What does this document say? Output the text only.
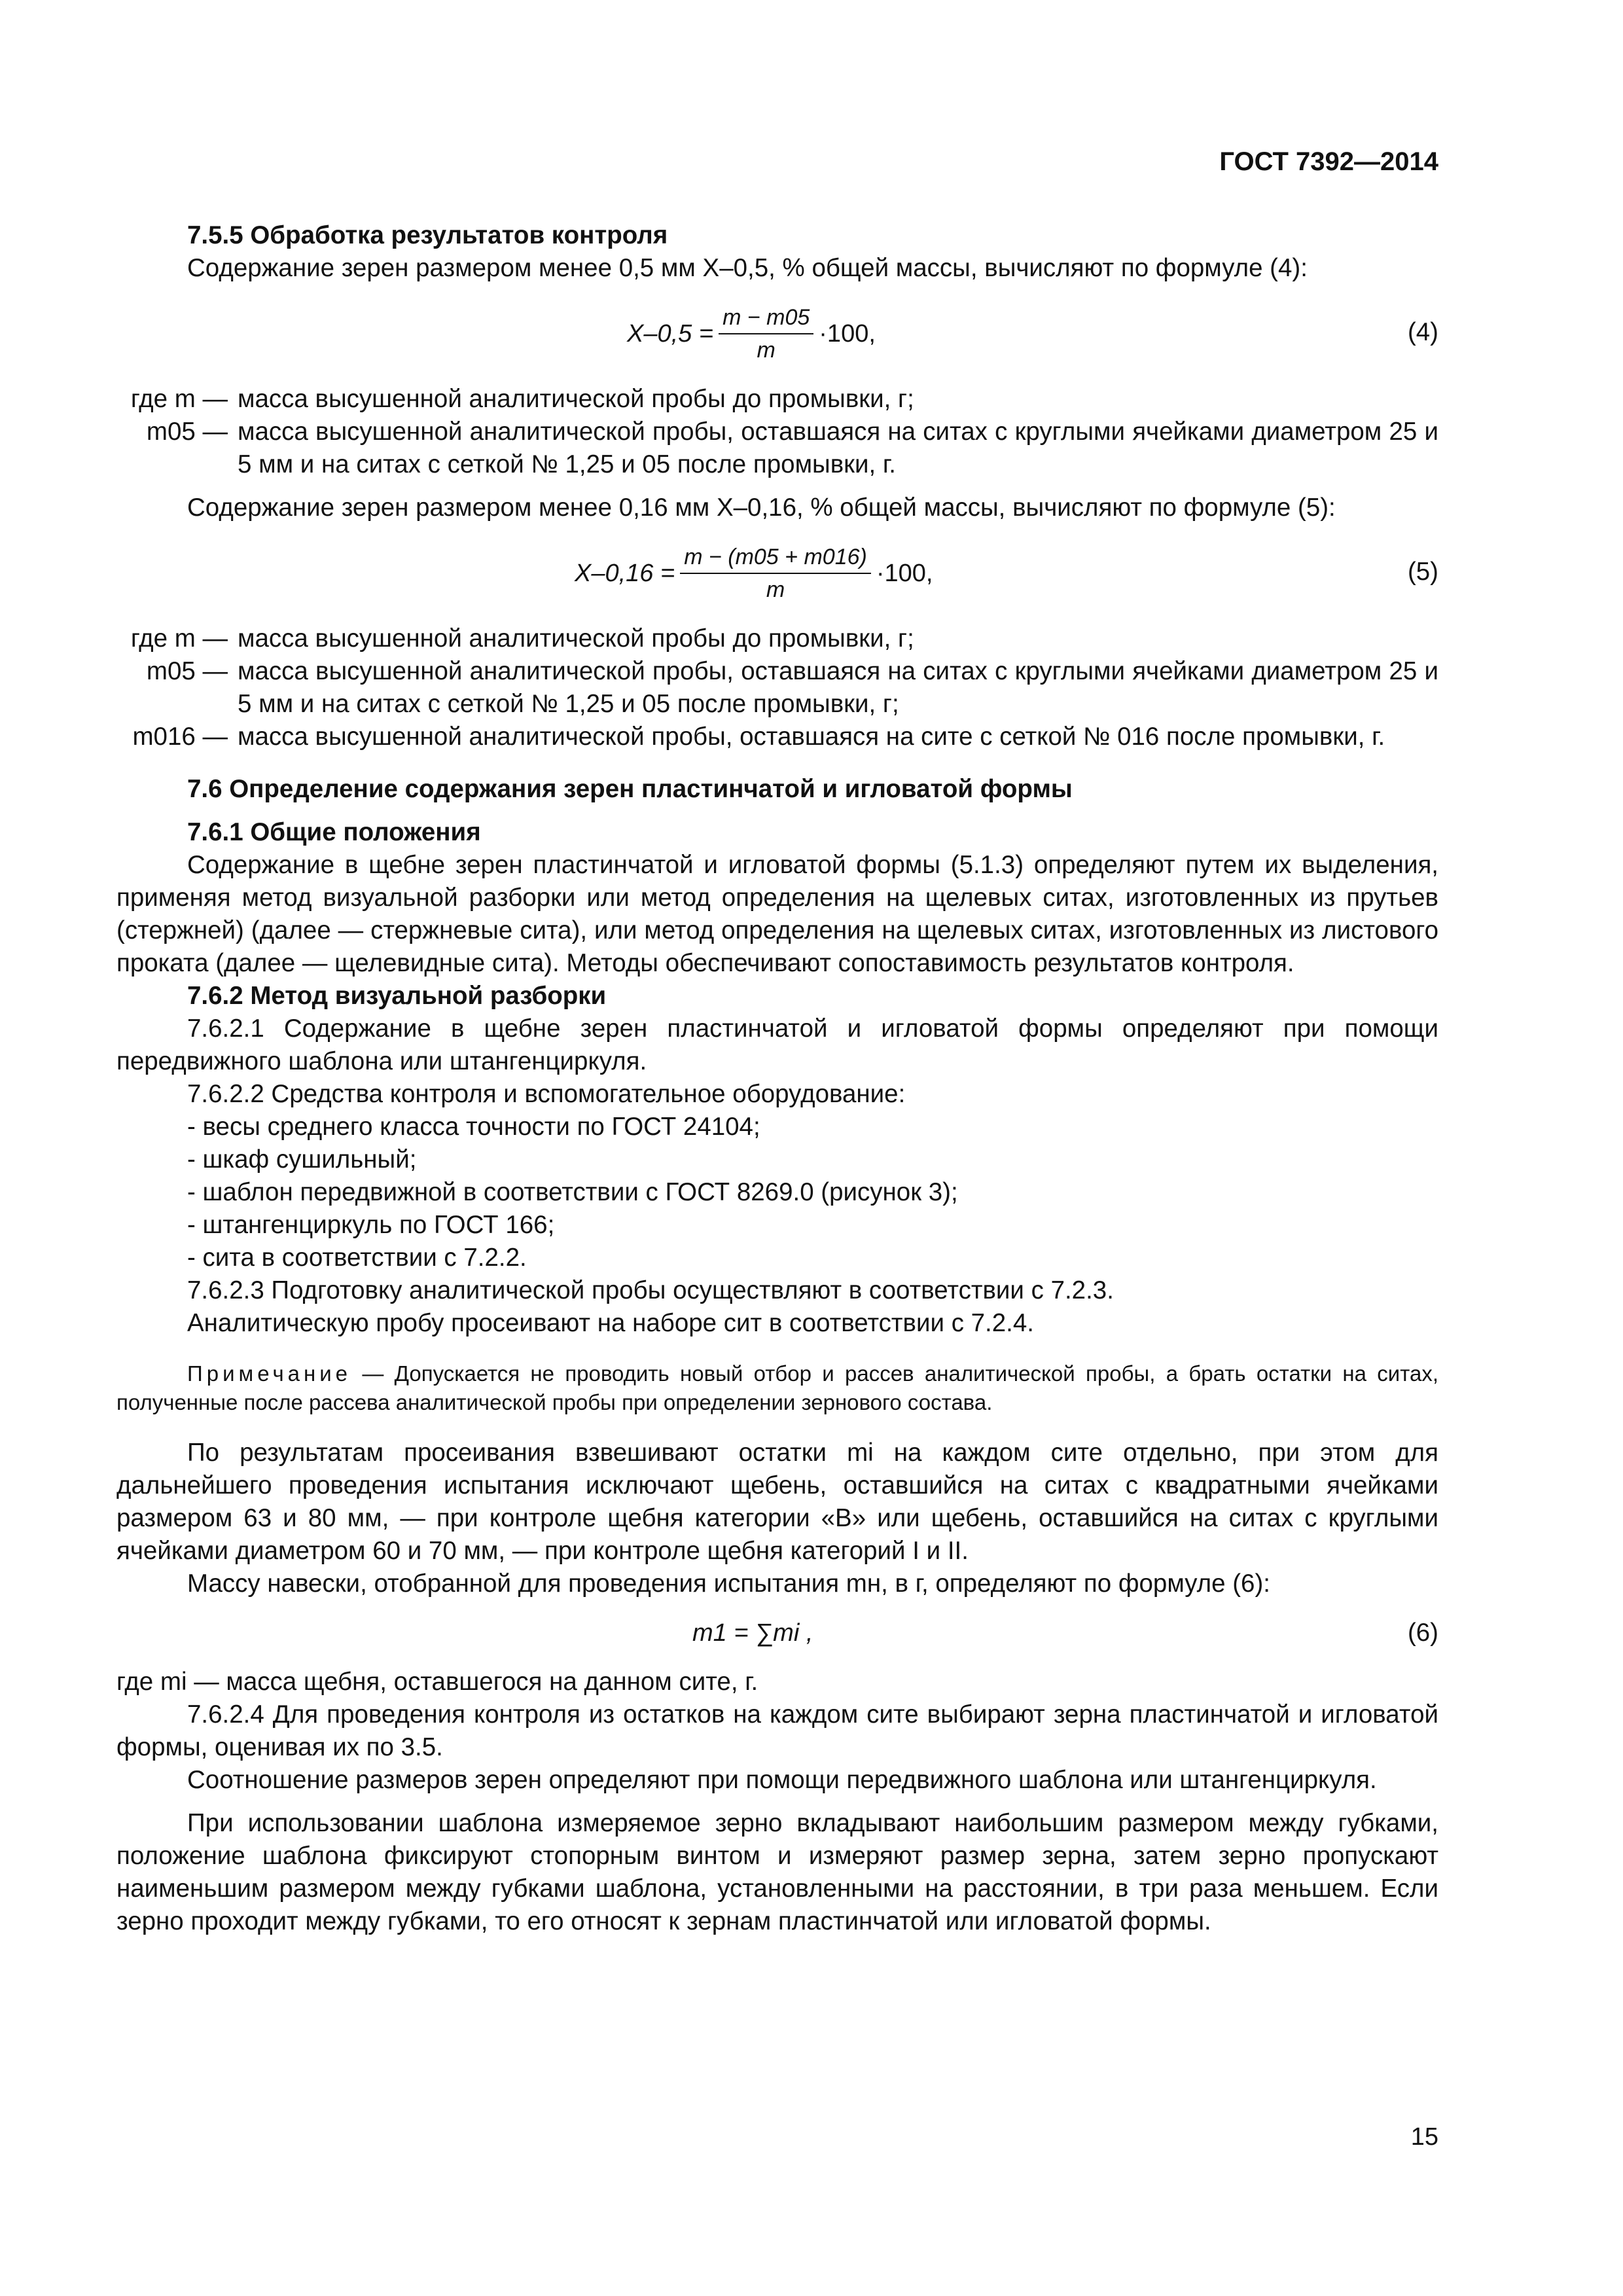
ГОСТ 7392—2014

7.5.5 Обработка результатов контроля

Содержание зерен размером менее 0,5 мм X–0,5, % общей массы, вычисляют по формуле (4):

$X-0,5 = \frac{m - m05}{m} \cdot 100$,	(4)
где m — масса высушенной аналитической пробы до промывки, г;
m05 — масса высушенной аналитической пробы, оставшаяся на ситах с круглыми ячейками диаметром 25 и 5 мм и на ситах с сеткой № 1,25 и 05 после промывки, г.

Содержание зерен размером менее 0,16 мм X–0,16, % общей массы, вычисляют по формуле (5):

$X-0,16 = \frac{m - (m05 + m016)}{m} \cdot 100$,	(5)
где m — масса высушенной аналитической пробы до промывки, г;
m05 — масса высушенной аналитической пробы, оставшаяся на ситах с круглыми ячейками диаметром 25 и 5 мм и на ситах с сеткой № 1,25 и 05 после промывки, г;
m016 — масса высушенной аналитической пробы, оставшаяся на сите с сеткой № 016 после промывки, г.

7.6 Определение содержания зерен пластинчатой и игловатой формы

7.6.1 Общие положения

Содержание в щебне зерен пластинчатой и игловатой формы (5.1.3) определяют путем их выделения, применяя метод визуальной разборки или метод определения на щелевых ситах, изготовленных из прутьев (стержней) (далее — стержневые сита), или метод определения на щелевых ситах, изготовленных из листового проката (далее — щелевидные сита). Методы обеспечивают сопоставимость результатов контроля.

7.6.2 Метод визуальной разборки

7.6.2.1 Содержание в щебне зерен пластинчатой и игловатой формы определяют при помощи передвижного шаблона или штангенциркуля.

7.6.2.2 Средства контроля и вспомогательное оборудование:

- весы среднего класса точности по ГОСТ 24104;

- шкаф сушильный;

- шаблон передвижной в соответствии с ГОСТ 8269.0 (рисунок 3);

- штангенциркуль по ГОСТ 166;

- сита в соответствии с 7.2.2.

7.6.2.3 Подготовку аналитической пробы осуществляют в соответствии с 7.2.3.

Аналитическую пробу просеивают на наборе сит в соответствии с 7.2.4.

Примечание — Допускается не проводить новый отбор и рассев аналитической пробы, а брать остатки на ситах, полученные после рассева аналитической пробы при определении зернового состава.

По результатам просеивания взвешивают остатки mi на каждом сите отдельно, при этом для дальнейшего проведения испытания исключают щебень, оставшийся на ситах с квадратными ячейками размером 63 и 80 мм, — при контроле щебня категории «В» или щебень, оставшийся на ситах с круглыми ячейками диаметром 60 и 70 мм, — при контроле щебня категорий I и II.

Массу навески, отобранной для проведения испытания mн, в г, определяют по формуле (6):

m1 = ∑mi ,	(6)

где mi — масса щебня, оставшегося на данном сите, г.

7.6.2.4 Для проведения контроля из остатков на каждом сите выбирают зерна пластинчатой и игловатой формы, оценивая их по 3.5.

Соотношение размеров зерен определяют при помощи передвижного шаблона или штангенциркуля.

При использовании шаблона измеряемое зерно вкладывают наибольшим размером между губками, положение шаблона фиксируют стопорным винтом и измеряют размер зерна, затем зерно пропускают наименьшим размером между губками шаблона, установленными на расстоянии, в три раза меньшем. Если зерно проходит между губками, то его относят к зернам пластинчатой или игловатой формы.

15
